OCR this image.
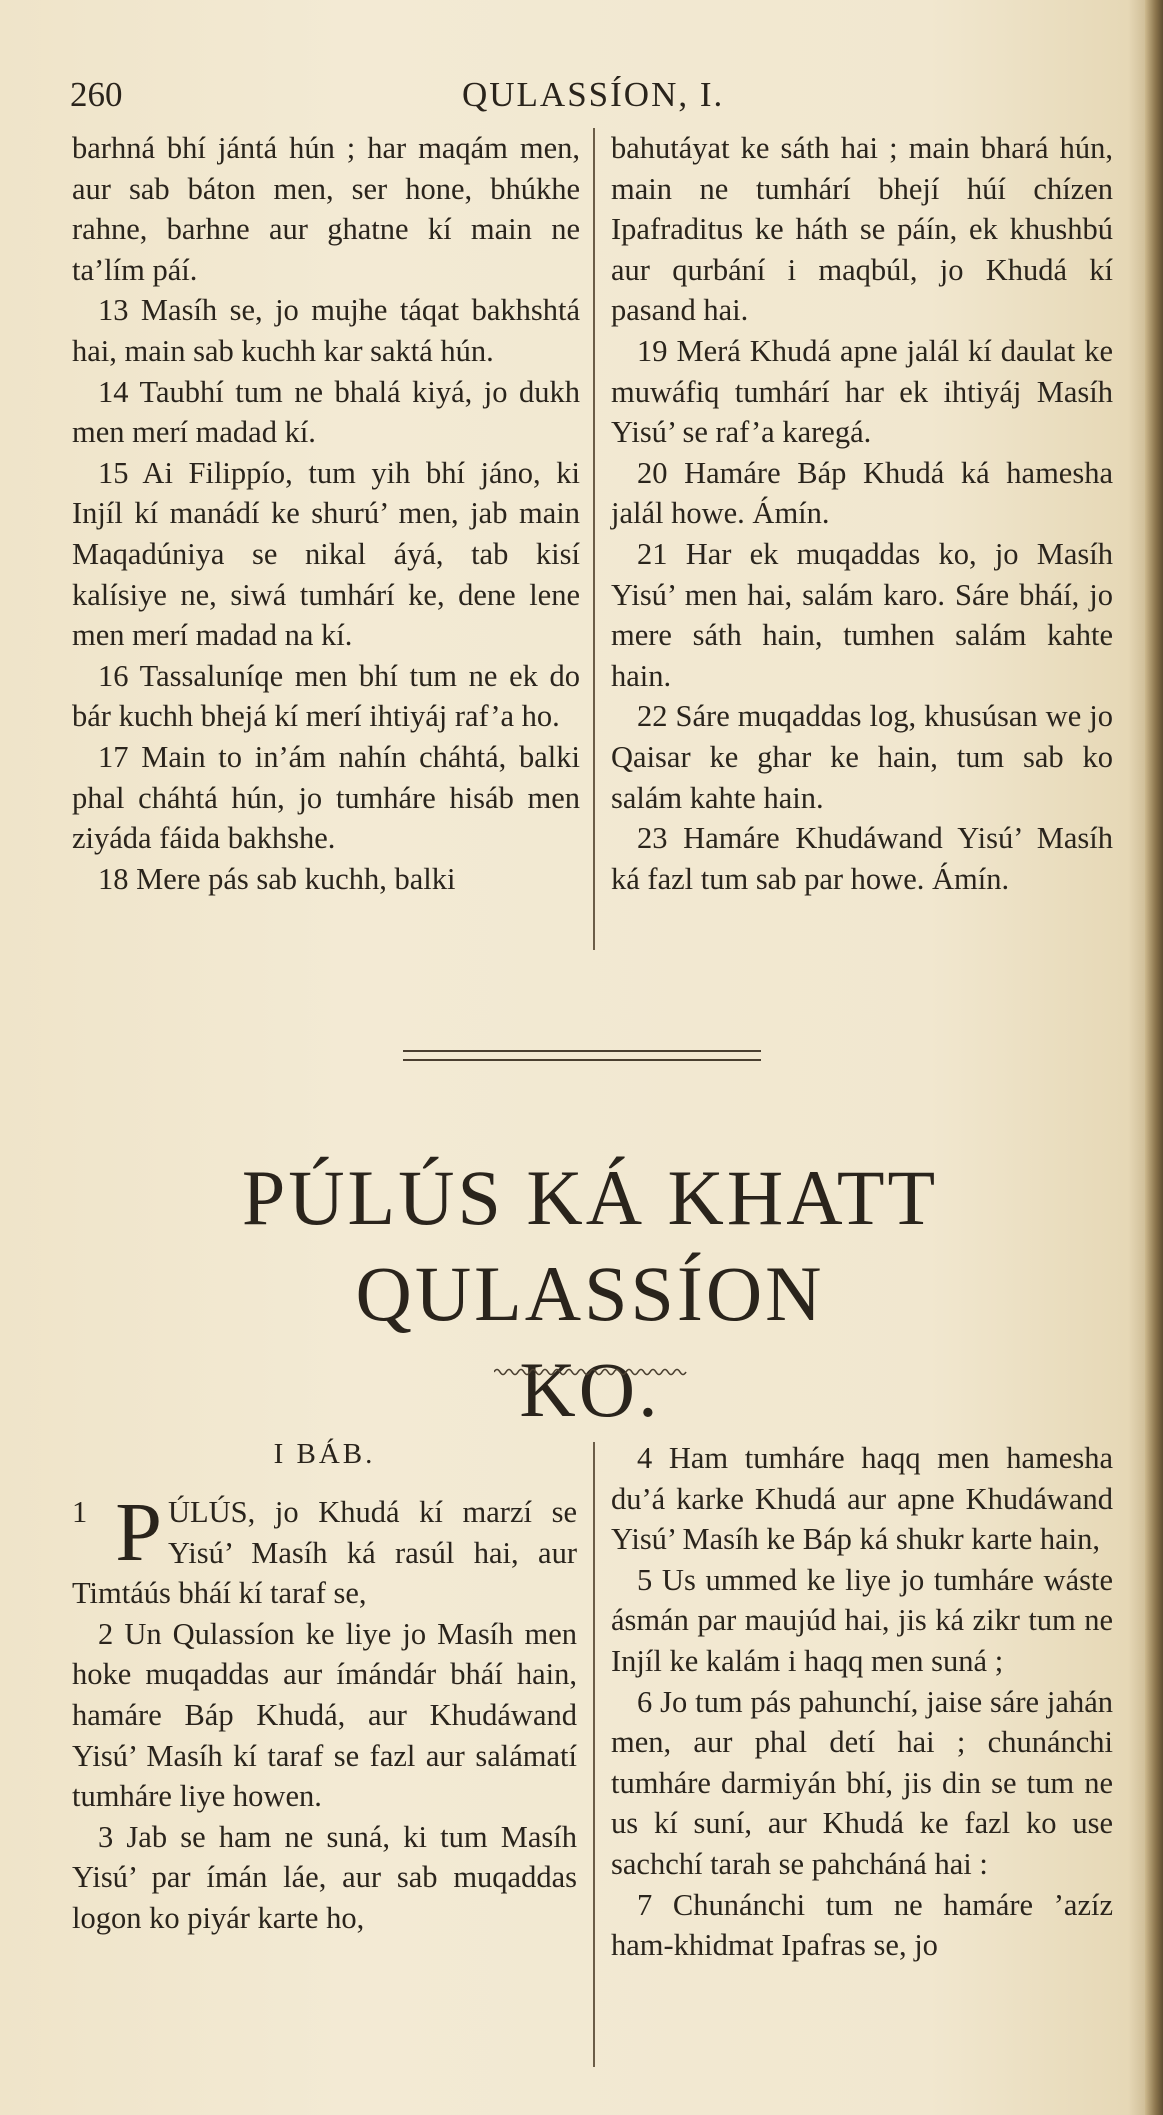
260	QULASSÍON, I.

barhná bhí jántá hún ; har maqám men, aur sab báton men, ser hone, bhúkhe rahne, barhne aur ghatne kí main ne ta’lím páí.

13 Masíh se, jo mujhe táqat bakhshtá hai, main sab kuchh kar saktá hún.

14 Taubhí tum ne bhalá kiyá, jo dukh men merí madad kí.

15 Ai Filippío, tum yih bhí jáno, ki Injíl kí manádí ke shurú’ men, jab main Maqadúniya se nikal áyá, tab kisí kalísiye ne, siwá tumhárí ke, dene lene men merí madad na kí.

16 Tassaluníqe men bhí tum ne ek do bár kuchh bhejá kí merí ihtiyáj raf’a ho.

17 Main to in’ám nahín cháhtá, balki phal cháhtá hún, jo tumháre hisáb men ziyáda fáida bakhshe.

18 Mere pás sab kuchh, balki

bahutáyat ke sáth hai ; main bhará hún, main ne tumhárí bhejí húí chízen Ipafraditus ke háth se páín, ek khushbú aur qurbání i maqbúl, jo Khudá kí pasand hai.

19 Merá Khudá apne jalál kí daulat ke muwáfiq tumhárí har ek ihtiyáj Masíh Yisú’ se raf’a karegá.

20 Hamáre Báp Khudá ká hamesha jalál howe. Ámín.

21 Har ek muqaddas ko, jo Masíh Yisú’ men hai, salám karo. Sáre bháí, jo mere sáth hain, tumhen salám kahte hain.

22 Sáre muqaddas log, khusúsan we jo Qaisar ke ghar ke hain, tum sab ko salám kahte hain.

23 Hamáre Khudáwand Yisú’ Masíh ká fazl tum sab par howe. Ámín.

PÚLÚS KÁ KHATT QULASSÍON
KO.
I BÁB.

1 P ÚLÚS, jo Khudá kí marzí se Yisú’ Masíh ká rasúl hai, aur Timtáús bháí kí taraf se,

2 Un Qulassíon ke liye jo Masíh men hoke muqaddas aur ímándár bháí hain, hamáre Báp Khudá, aur Khudáwand Yisú’ Masíh kí taraf se fazl aur salámatí tumháre liye howen.

3 Jab se ham ne suná, ki tum Masíh Yisú’ par ímán láe, aur sab muqaddas logon ko piyár karte ho,

4 Ham tumháre haqq men hamesha du’á karke Khudá aur apne Khudáwand Yisú’ Masíh ke Báp ká shukr karte hain,

5 Us ummed ke liye jo tumháre wáste ásmán par maujúd hai, jis ká zikr tum ne Injíl ke kalám i haqq men suná ;

6 Jo tum pás pahunchí, jaise sáre jahán men, aur phal detí hai ; chunánchi tumháre darmiyán bhí, jis din se tum ne us kí suní, aur Khudá ke fazl ko use sachchí tarah se pahcháná hai :

7 Chunánchi tum ne hamáre ’azíz ham-khidmat Ipafras se, jo
